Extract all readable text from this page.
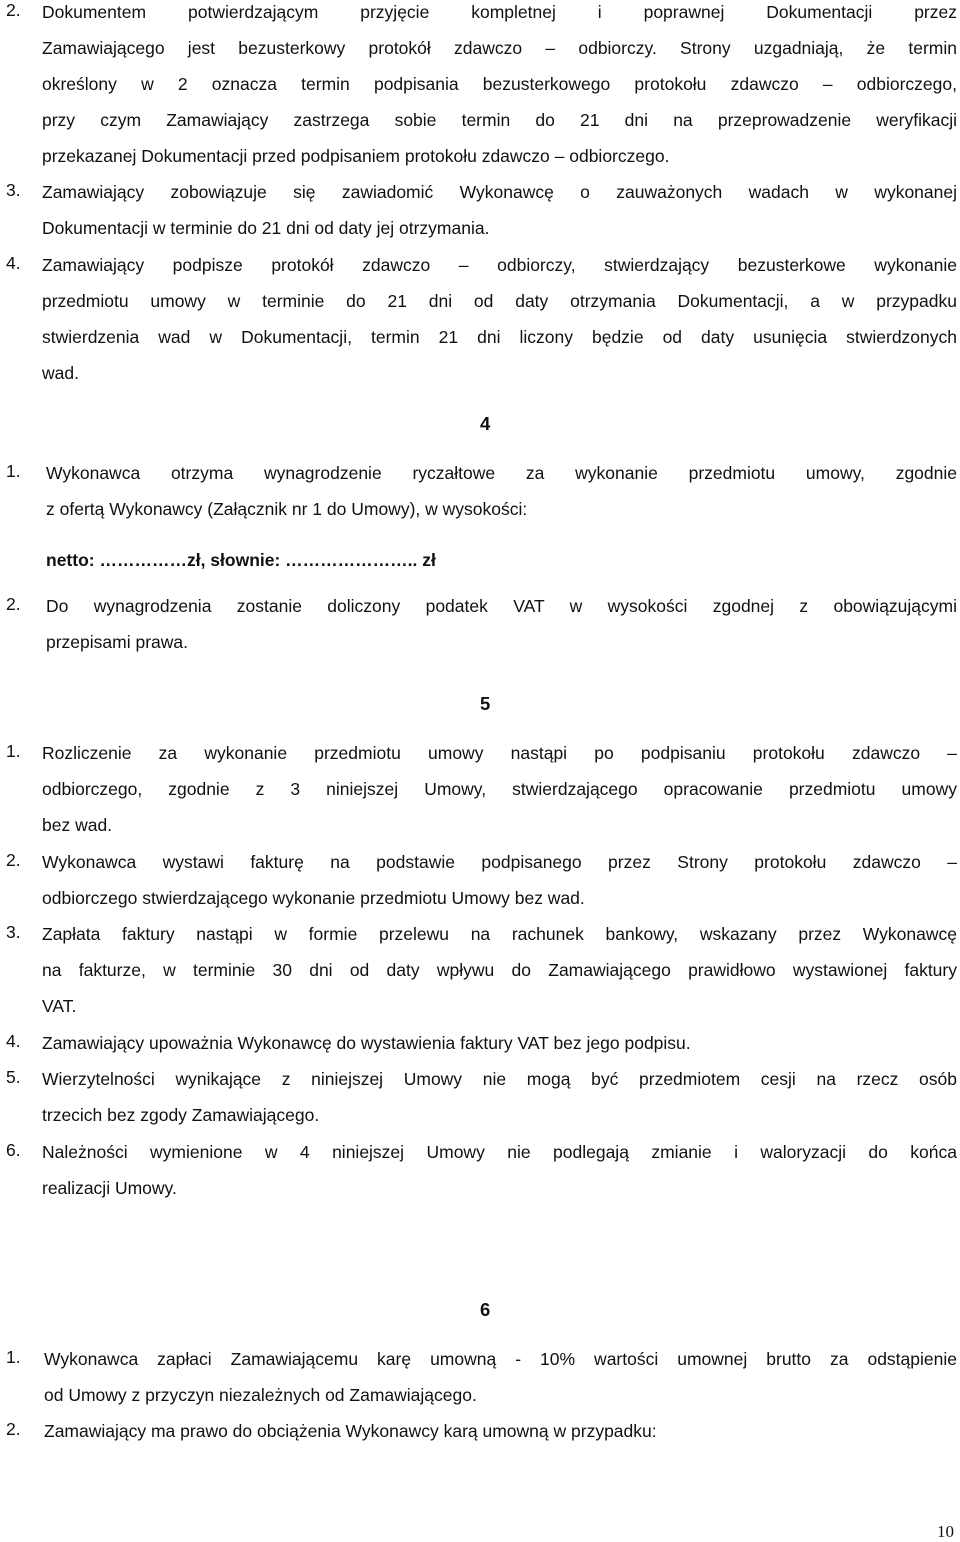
2. Dokumentem potwierdzającym przyjęcie kompletnej i poprawnej Dokumentacji przez
Zamawiającego jest bezusterkowy protokół zdawczo – odbiorczy. Strony uzgadniają, że termin
określony w 2 oznacza termin podpisania bezusterkowego protokołu zdawczo – odbiorczego,
przy czym Zamawiający zastrzega sobie termin do 21 dni na przeprowadzenie weryfikacji
przekazanej Dokumentacji przed podpisaniem protokołu zdawczo – odbiorczego.
3. Zamawiający zobowiązuje się zawiadomić Wykonawcę o zauważonych wadach w wykonanej
Dokumentacji w terminie do 21 dni od daty jej otrzymania.
4. Zamawiający podpisze protokół zdawczo – odbiorczy, stwierdzający bezusterkowe wykonanie
przedmiotu umowy w terminie do 21 dni od daty otrzymania Dokumentacji, a w przypadku
stwierdzenia wad w Dokumentacji, termin 21 dni liczony będzie od daty usunięcia stwierdzonych
wad.
4
1. Wykonawca otrzyma wynagrodzenie ryczałtowe za wykonanie przedmiotu umowy, zgodnie
z ofertą Wykonawcy (Załącznik nr 1 do Umowy), w wysokości:
netto: ……………zł, słownie: ………………….. zł
2. Do wynagrodzenia zostanie doliczony podatek VAT w wysokości zgodnej z obowiązującymi
przepisami prawa.
5
1. Rozliczenie za wykonanie przedmiotu umowy nastąpi po podpisaniu protokołu zdawczo –
odbiorczego, zgodnie z 3 niniejszej Umowy, stwierdzającego opracowanie przedmiotu umowy
bez wad.
2. Wykonawca wystawi fakturę na podstawie podpisanego przez Strony protokołu zdawczo –
odbiorczego stwierdzającego wykonanie przedmiotu Umowy bez wad.
3. Zapłata faktury nastąpi w formie przelewu na rachunek bankowy, wskazany przez Wykonawcę
na fakturze, w terminie 30 dni od daty wpływu do Zamawiającego prawidłowo wystawionej faktury
VAT.
4. Zamawiający upoważnia Wykonawcę do wystawienia faktury VAT bez jego podpisu.
5. Wierzytelności wynikające z niniejszej Umowy nie mogą być przedmiotem cesji na rzecz osób
trzecich bez zgody Zamawiającego.
6. Należności wymienione w 4 niniejszej Umowy nie podlegają zmianie i waloryzacji do końca
realizacji Umowy.
6
1. Wykonawca zapłaci Zamawiającemu karę umowną - 10% wartości umownej brutto za odstąpienie
od Umowy z przyczyn niezależnych od Zamawiającego.
2. Zamawiający ma prawo do obciążenia Wykonawcy karą umowną w przypadku:
10
